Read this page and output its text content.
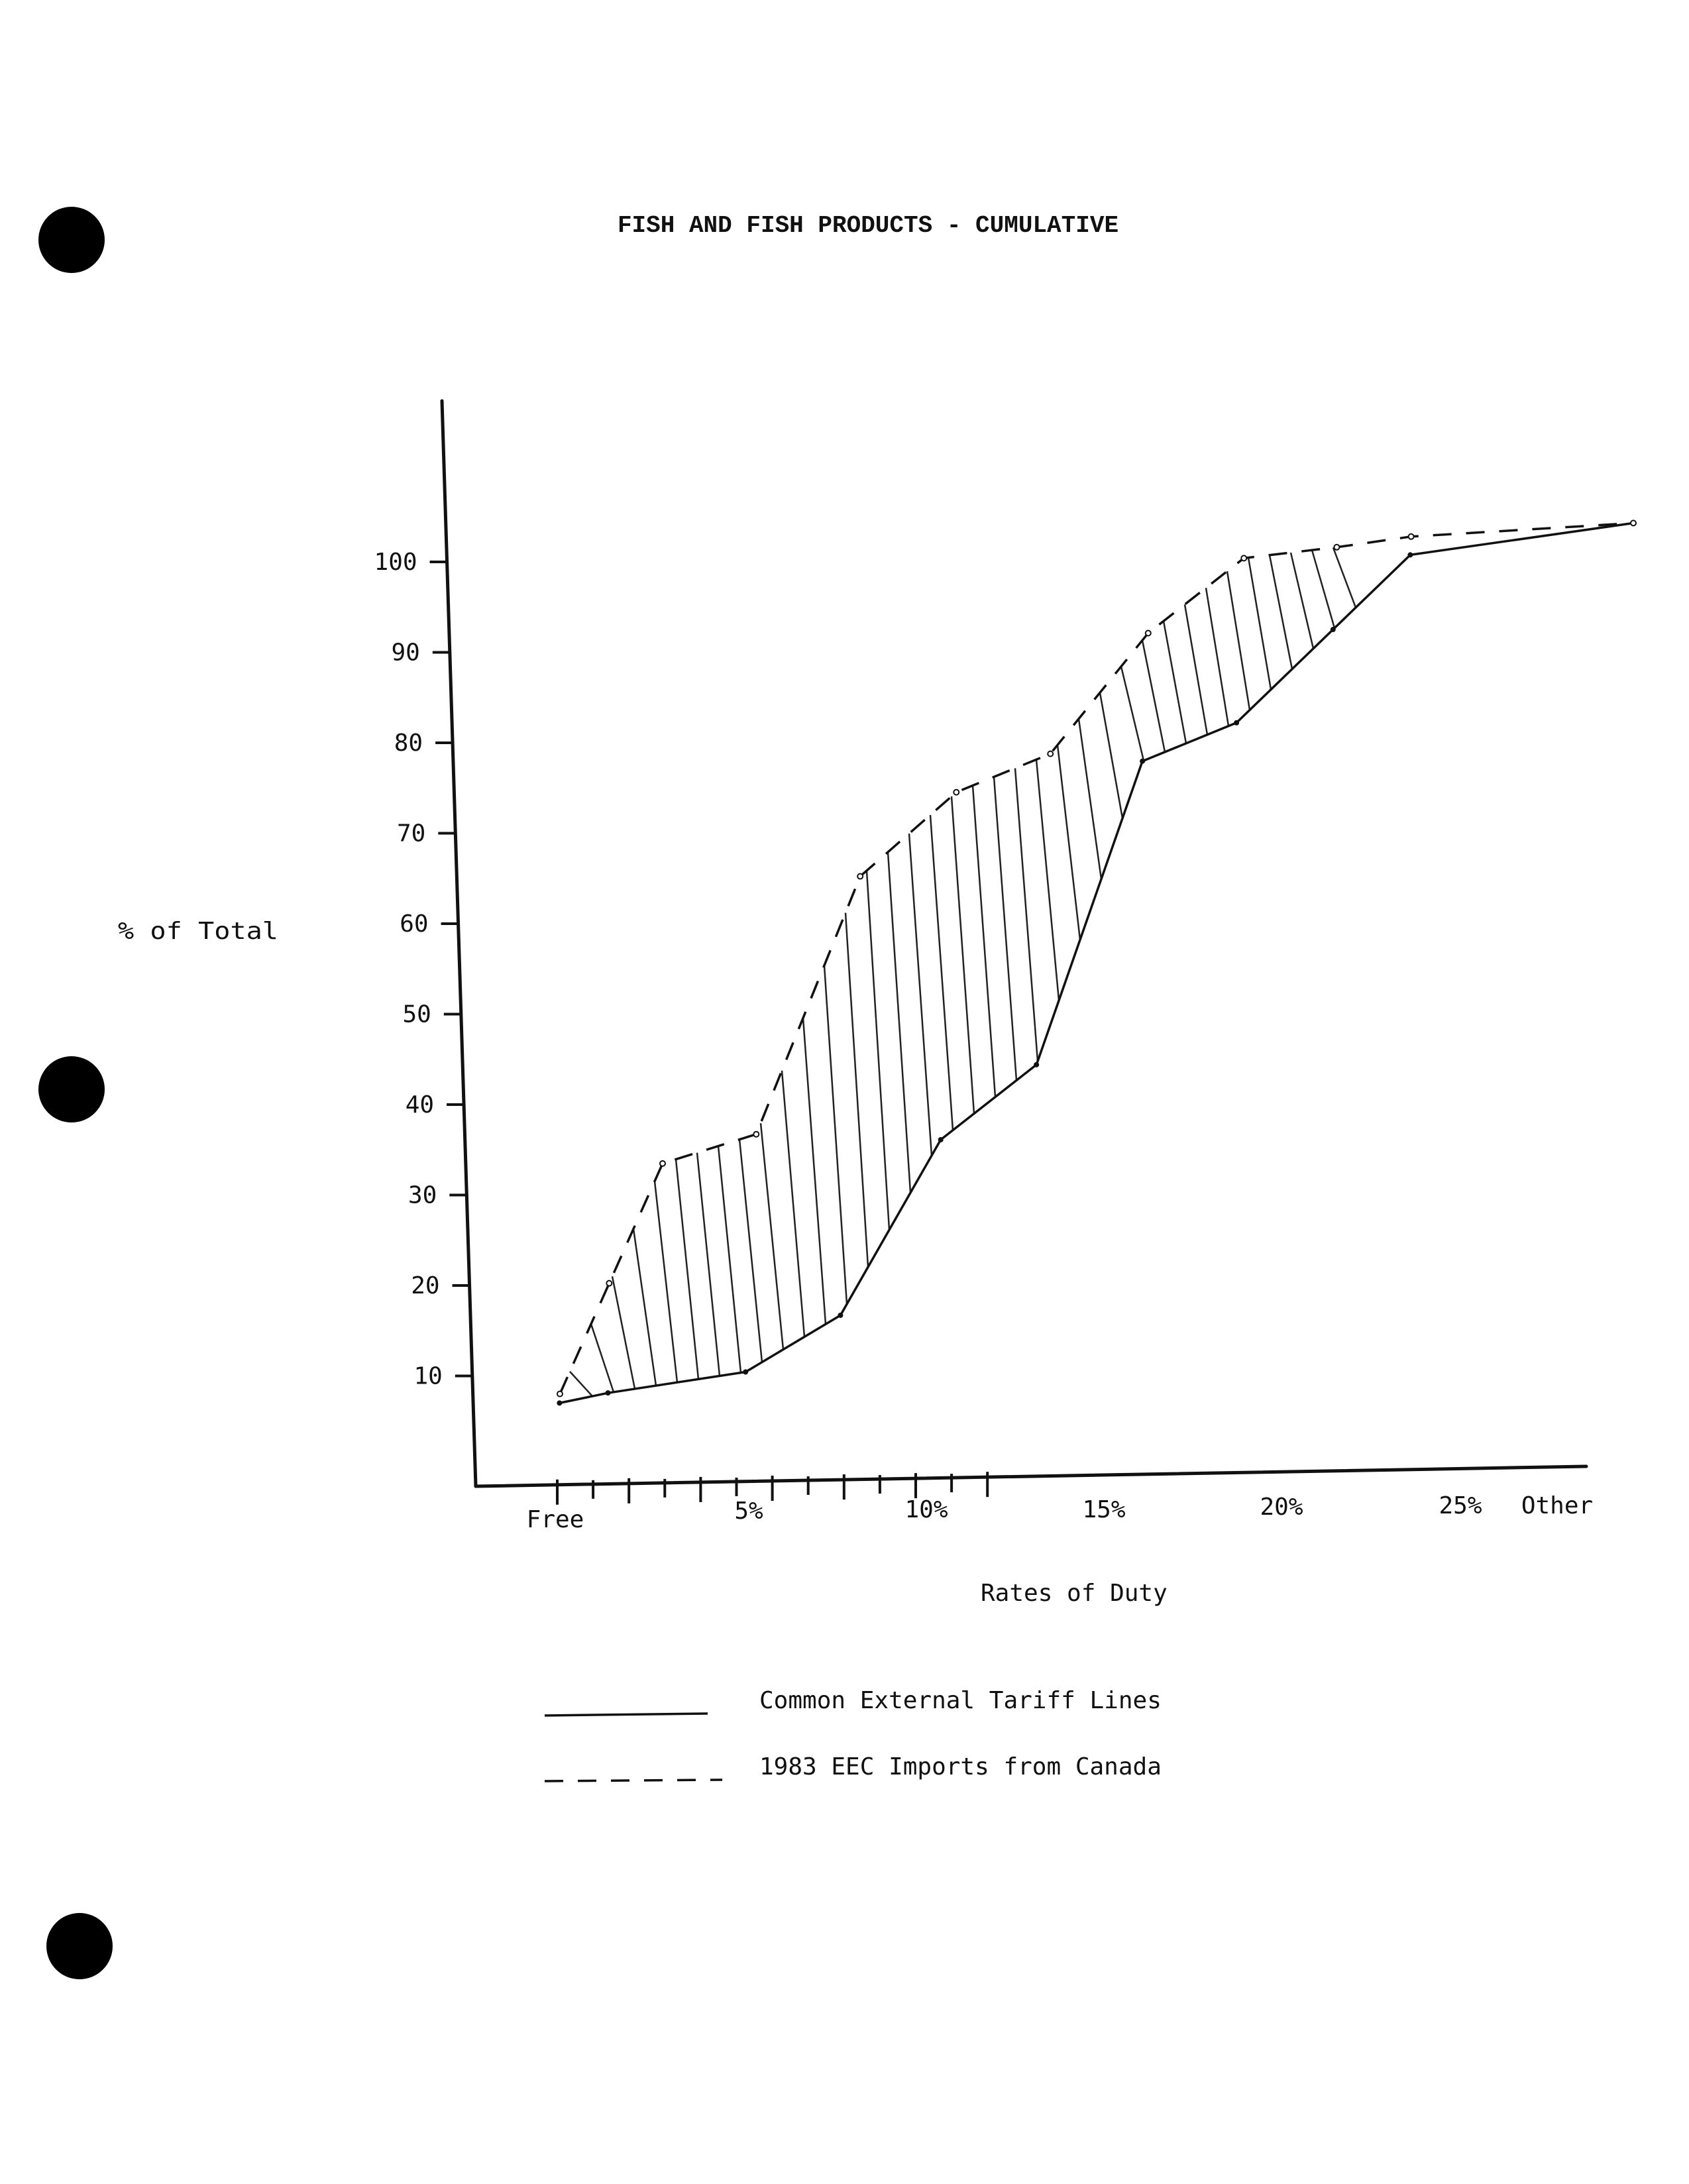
FISH AND FISH PRODUCTS - CUMULATIVE
10
20
30
40
50
60
70
80
90
100
Free	5%	10%	15%	20%	25% Other
% of Total
Rates of Duty
Common External Tariff Lines
1983 EEC Imports from Canada
